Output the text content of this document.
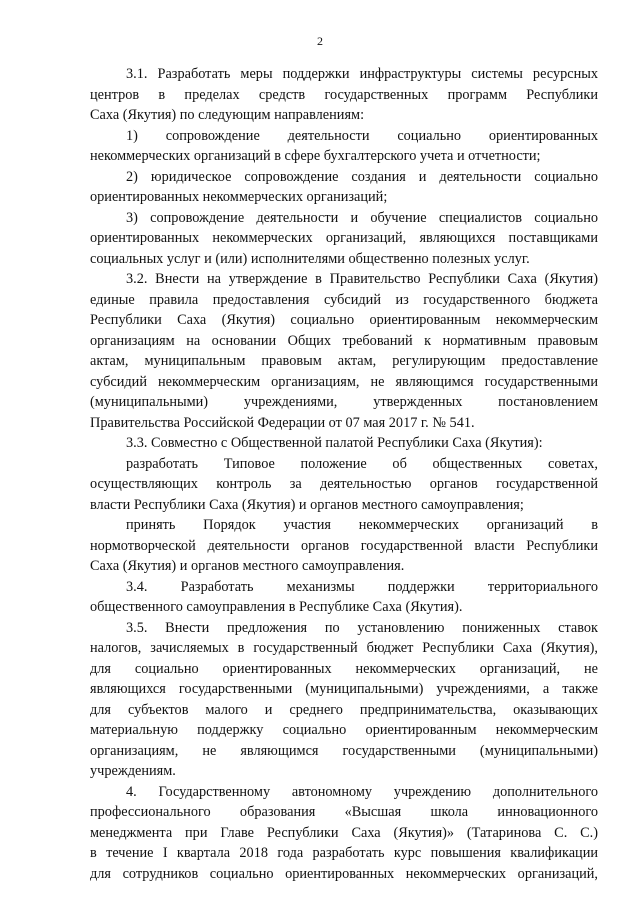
2
3.1. Разработать меры поддержки инфраструктуры системы ресурсных
центров в пределах средств государственных программ Республики
Саха (Якутия) по следующим направлениям:
1) сопровождение деятельности социально ориентированных
некоммерческих организаций в сфере бухгалтерского учета и отчетности;
2) юридическое сопровождение создания и деятельности социально
ориентированных некоммерческих организаций;
3) сопровождение деятельности и обучение специалистов социально
ориентированных некоммерческих организаций, являющихся поставщиками
социальных услуг и (или) исполнителями общественно полезных услуг.
3.2. Внести на утверждение в Правительство Республики Саха (Якутия)
единые правила предоставления субсидий из государственного бюджета
Республики Саха (Якутия) социально ориентированным некоммерческим
организациям на основании Общих требований к нормативным правовым
актам, муниципальным правовым актам, регулирующим предоставление
субсидий некоммерческим организациям, не являющимся государственными
(муниципальными) учреждениями, утвержденных постановлением
Правительства Российской Федерации от 07 мая 2017 г. № 541.
3.3. Совместно с Общественной палатой Республики Саха (Якутия):
разработать Типовое положение об общественных советах,
осуществляющих контроль за деятельностью органов государственной
власти Республики Саха (Якутия) и органов местного самоуправления;
принять Порядок участия некоммерческих организаций в
нормотворческой деятельности органов государственной власти Республики
Саха (Якутия) и органов местного самоуправления.
3.4. Разработать механизмы поддержки территориального
общественного самоуправления в Республике Саха (Якутия).
3.5. Внести предложения по установлению пониженных ставок
налогов, зачисляемых в государственный бюджет Республики Саха (Якутия),
для социально ориентированных некоммерческих организаций, не
являющихся государственными (муниципальными) учреждениями, а также
для субъектов малого и среднего предпринимательства, оказывающих
материальную поддержку социально ориентированным некоммерческим
организациям, не являющимся государственными (муниципальными)
учреждениям.
4. Государственному автономному учреждению дополнительного
профессионального образования «Высшая школа инновационного
менеджмента при Главе Республики Саха (Якутия)» (Татаринова С. С.)
в течение I квартала 2018 года разработать курс повышения квалификации
для сотрудников социально ориентированных некоммерческих организаций,
